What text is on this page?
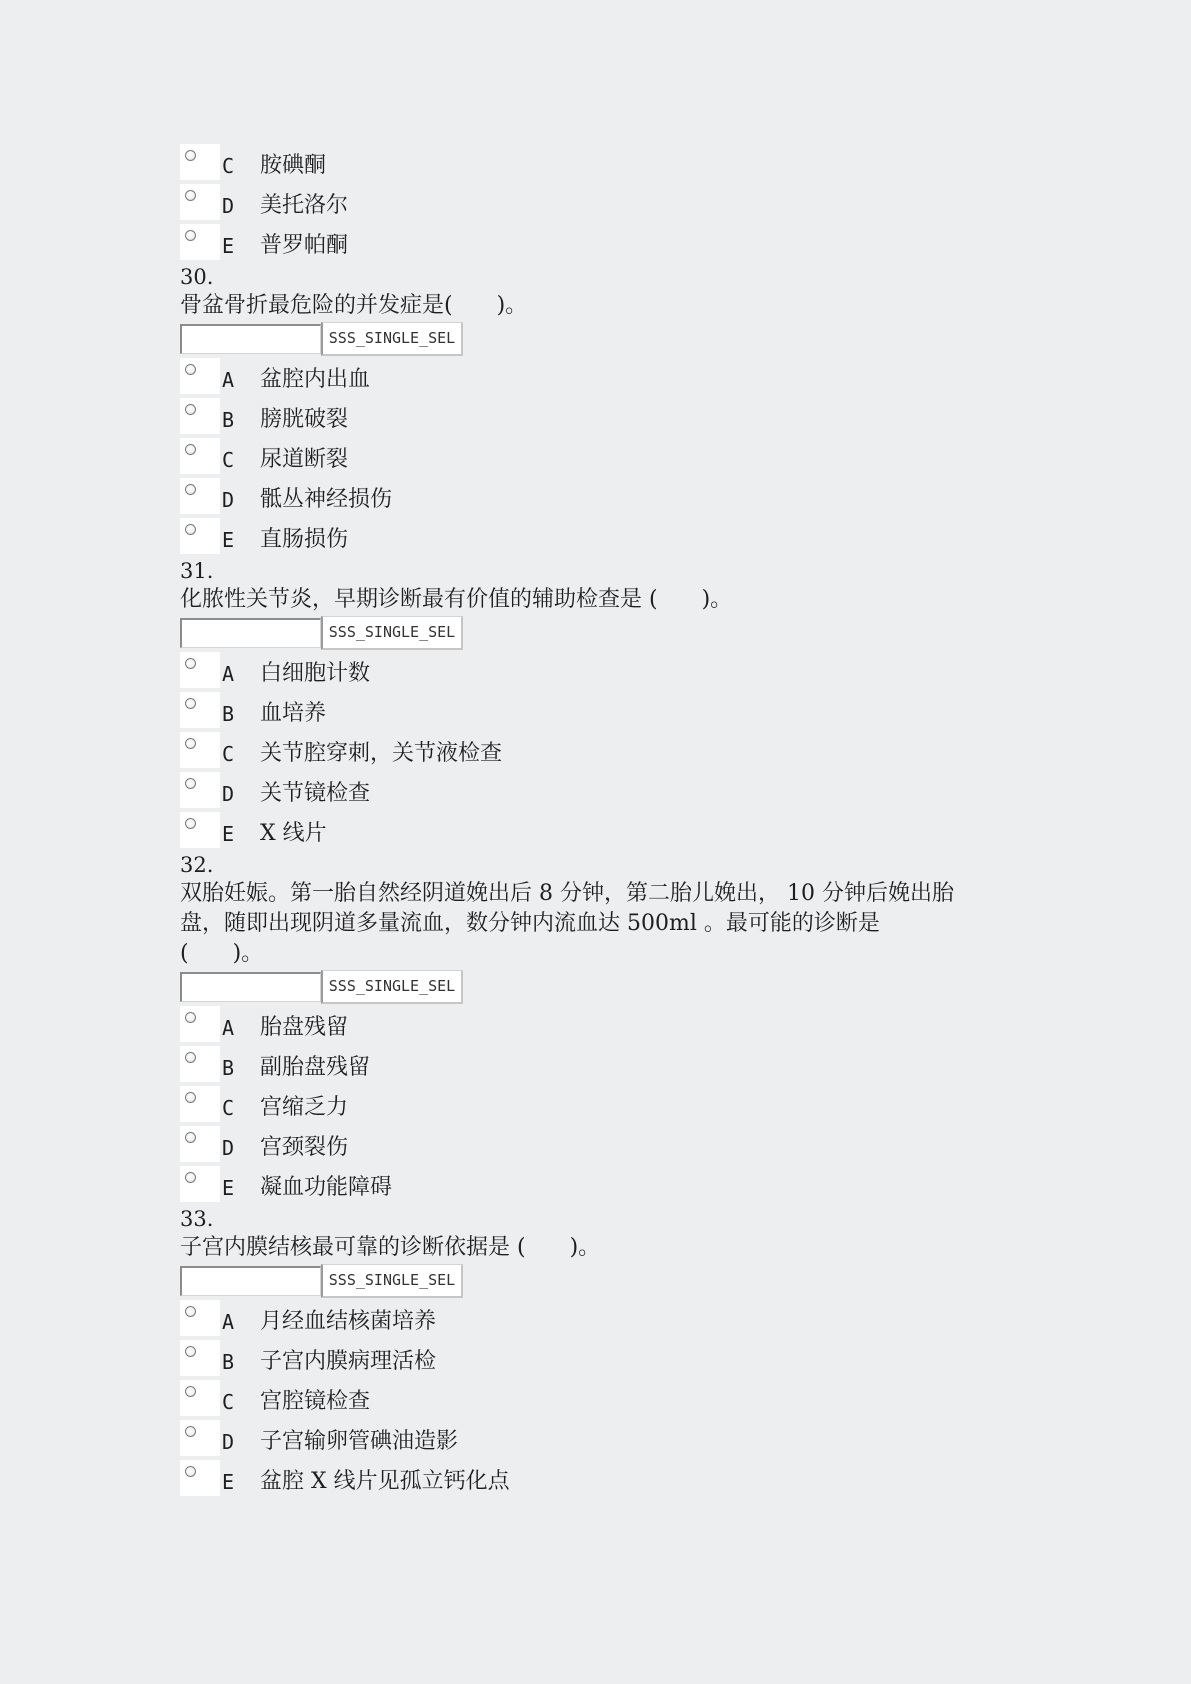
C	胺碘酮
D	美托洛尔
E	普罗帕酮
30.
骨盆骨折最危险的并发症是(　　)。
SSS_SINGLE_SEL
A	盆腔内出血
B	膀胱破裂
C	尿道断裂
D	骶丛神经损伤
E	直肠损伤
31.
化脓性关节炎，早期诊断最有价值的辅助检查是 (　　)。
SSS_SINGLE_SEL
A	白细胞计数
B	血培养
C	关节腔穿刺，关节液检查
D	关节镜检查
E	X 线片
32.
双胎妊娠。第一胎自然经阴道娩出后 8 分钟，第二胎儿娩出， 10 分钟后娩出胎
盘，随即出现阴道多量流血，数分钟内流血达 500ml 。最可能的诊断是
(　　)。
SSS_SINGLE_SEL
A	胎盘残留
B	副胎盘残留
C	宫缩乏力
D	宫颈裂伤
E	凝血功能障碍
33.
子宫内膜结核最可靠的诊断依据是 (　　)。
SSS_SINGLE_SEL
A	月经血结核菌培养
B	子宫内膜病理活检
C	宫腔镜检查
D	子宫输卵管碘油造影
E	盆腔 X 线片见孤立钙化点
